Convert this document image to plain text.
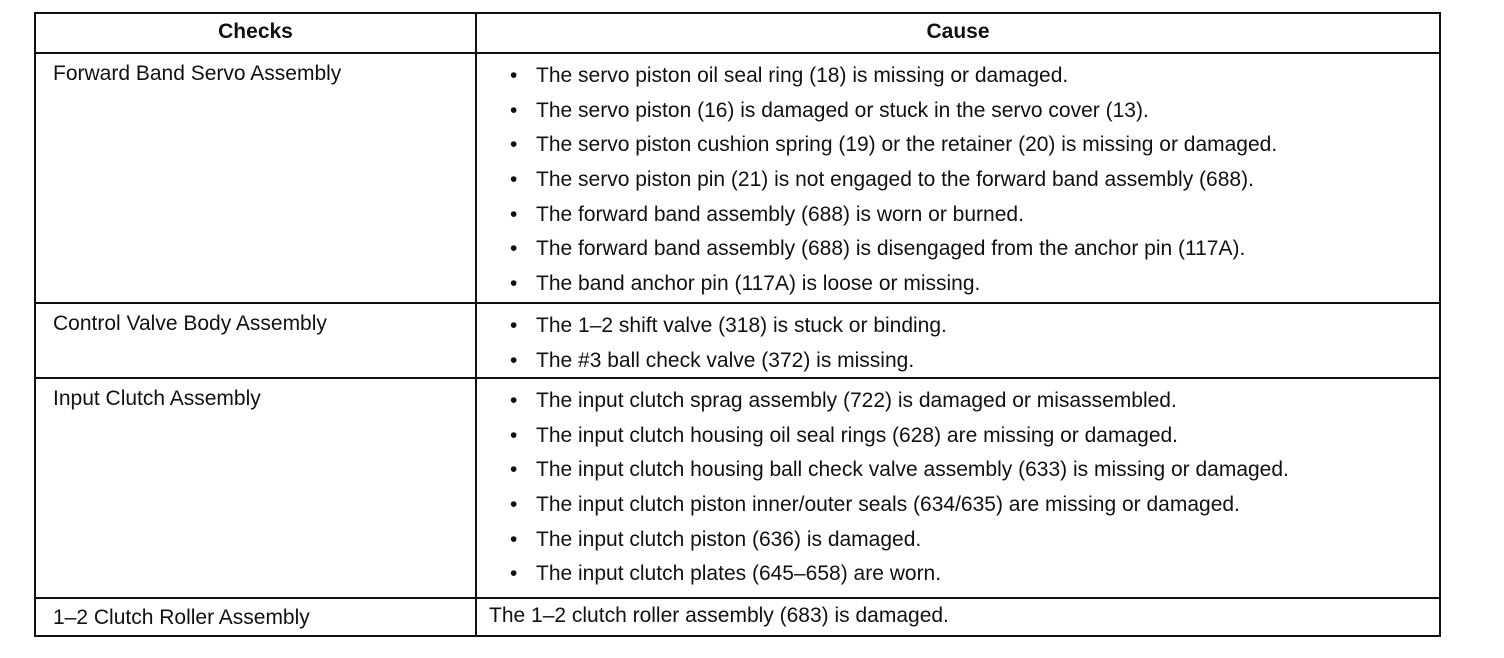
Checks	Cause
Forward Band Servo Assembly	• The servo piston oil seal ring (18) is missing or damaged.
• The servo piston (16) is damaged or stuck in the servo cover (13).
• The servo piston cushion spring (19) or the retainer (20) is missing or damaged.
• The servo piston pin (21) is not engaged to the forward band assembly (688).
• The forward band assembly (688) is worn or burned.
• The forward band assembly (688) is disengaged from the anchor pin (117A).
• The band anchor pin (117A) is loose or missing.
Control Valve Body Assembly	• The 1–2 shift valve (318) is stuck or binding.
• The #3 ball check valve (372) is missing.
Input Clutch Assembly	• The input clutch sprag assembly (722) is damaged or misassembled.
• The input clutch housing oil seal rings (628) are missing or damaged.
• The input clutch housing ball check valve assembly (633) is missing or damaged.
• The input clutch piston inner/outer seals (634/635) are missing or damaged.
• The input clutch piston (636) is damaged.
• The input clutch plates (645–658) are worn.
1–2 Clutch Roller Assembly	The 1–2 clutch roller assembly (683) is damaged.
